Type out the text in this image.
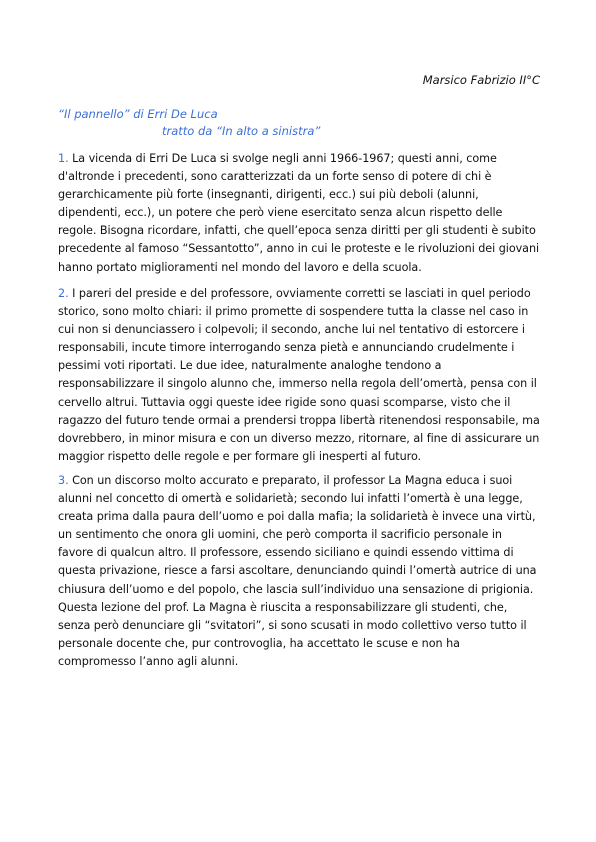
Marsico Fabrizio II°C
“Il pannello” di Erri De Luca
tratto da “In alto a sinistra”

1. La vicenda di Erri De Luca si svolge negli anni 1966-1967; questi anni, come d'altronde i precedenti, sono caratterizzati da un forte senso di potere di chi è gerarchicamente più forte (insegnanti, dirigenti, ecc.) sui più deboli (alunni, dipendenti, ecc.), un potere che però viene esercitato senza alcun rispetto delle regole. Bisogna ricordare, infatti, che quell’epoca senza diritti per gli studenti è subito precedente al famoso “Sessantotto”, anno in cui le proteste e le rivoluzioni dei giovani hanno portato miglioramenti nel mondo del lavoro e della scuola.

2. I pareri del preside e del professore, ovviamente corretti se lasciati in quel periodo storico, sono molto chiari: il primo promette di sospendere tutta la classe nel caso in cui non si denunciassero i colpevoli; il secondo, anche lui nel tentativo di estorcere i responsabili, incute timore interrogando senza pietà e annunciando crudelmente i pessimi voti riportati. Le due idee, naturalmente analoghe tendono a responsabilizzare il singolo alunno che, immerso nella regola dell’omertà, pensa con il cervello altrui. Tuttavia oggi queste idee rigide sono quasi scomparse, visto che il ragazzo del futuro tende ormai a prendersi troppa libertà ritenendosi responsabile, ma dovrebbero, in minor misura e con un diverso mezzo, ritornare, al fine di assicurare un maggior rispetto delle regole e per formare gli inesperti al futuro.

3. Con un discorso molto accurato e preparato, il professor La Magna educa i suoi alunni nel concetto di omertà e solidarietà; secondo lui infatti l’omertà è una legge, creata prima dalla paura dell’uomo e poi dalla mafia; la solidarietà è invece una virtù, un sentimento che onora gli uomini, che però comporta il sacrificio personale in favore di qualcun altro. Il professore, essendo siciliano e quindi essendo vittima di questa privazione, riesce a farsi ascoltare, denunciando quindi l’omertà autrice di una chiusura dell’uomo e del popolo, che lascia sull’individuo una sensazione di prigionia. Questa lezione del prof. La Magna è riuscita a responsabilizzare gli studenti, che, senza però denunciare gli “svitatori”, si sono scusati in modo collettivo verso tutto il personale docente che, pur controvoglia, ha accettato le scuse e non ha compromesso l’anno agli alunni.
